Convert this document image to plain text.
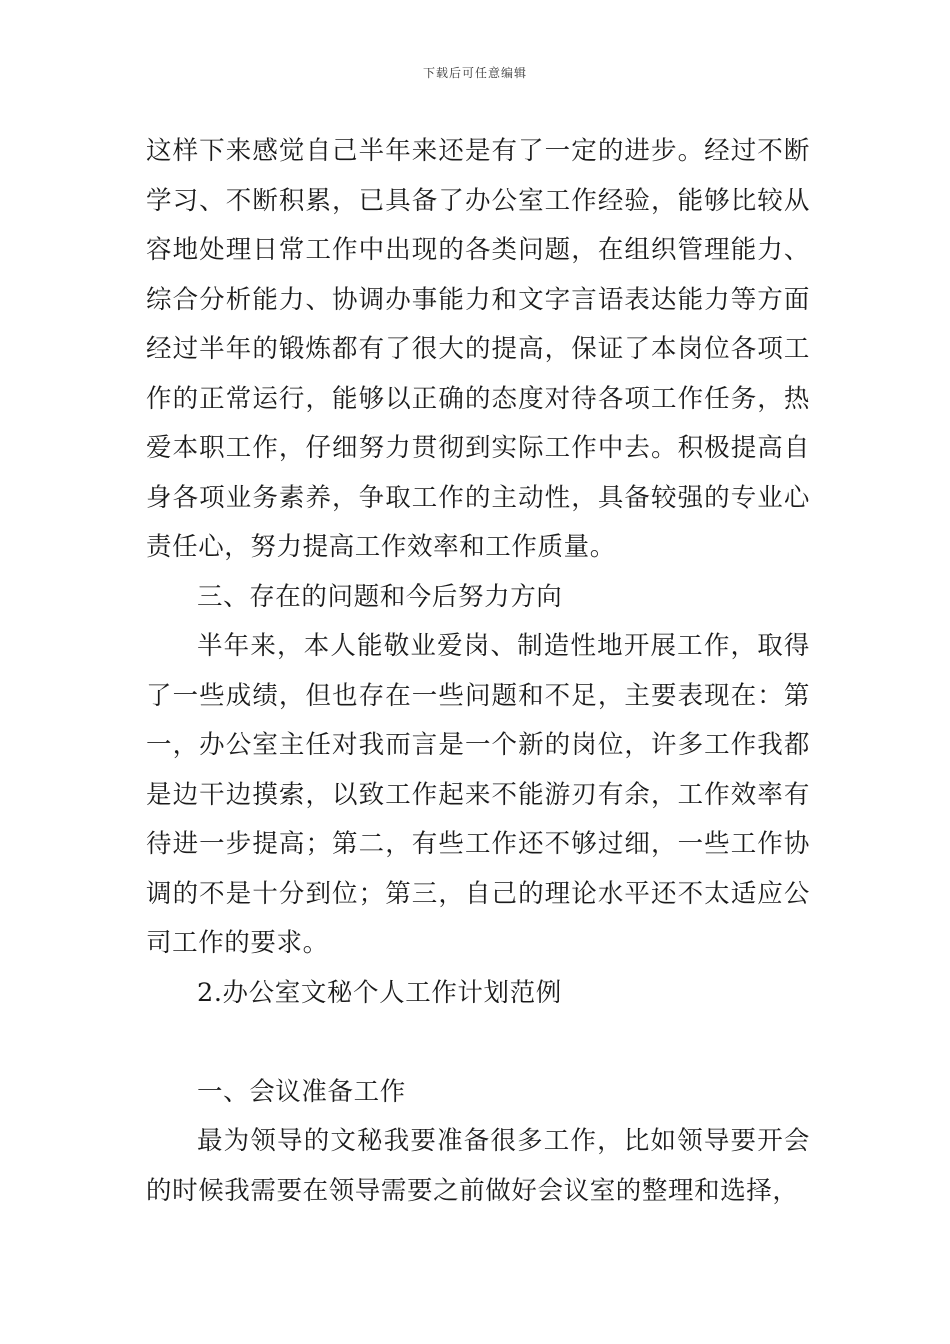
下载后可任意编辑

这样下来感觉自己半年来还是有了一定的进步。经过不断学习、不断积累，已具备了办公室工作经验，能够比较从容地处理日常工作中出现的各类问题，在组织管理能力、综合分析能力、协调办事能力和文字言语表达能力等方面经过半年的锻炼都有了很大的提高，保证了本岗位各项工作的正常运行，能够以正确的态度对待各项工作任务，热爱本职工作，仔细努力贯彻到实际工作中去。积极提高自身各项业务素养，争取工作的主动性，具备较强的专业心责任心，努力提高工作效率和工作质量。

三、存在的问题和今后努力方向

半年来，本人能敬业爱岗、制造性地开展工作，取得了一些成绩，但也存在一些问题和不足，主要表现在：第一，办公室主任对我而言是一个新的岗位，许多工作我都是边干边摸索，以致工作起来不能游刃有余，工作效率有待进一步提高；第二，有些工作还不够过细，一些工作协调的不是十分到位；第三，自己的理论水平还不太适应公司工作的要求。

2.办公室文秘个人工作计划范例

一、会议准备工作

最为领导的文秘我要准备很多工作，比如领导要开会的时候我需要在领导需要之前做好会议室的整理和选择，
